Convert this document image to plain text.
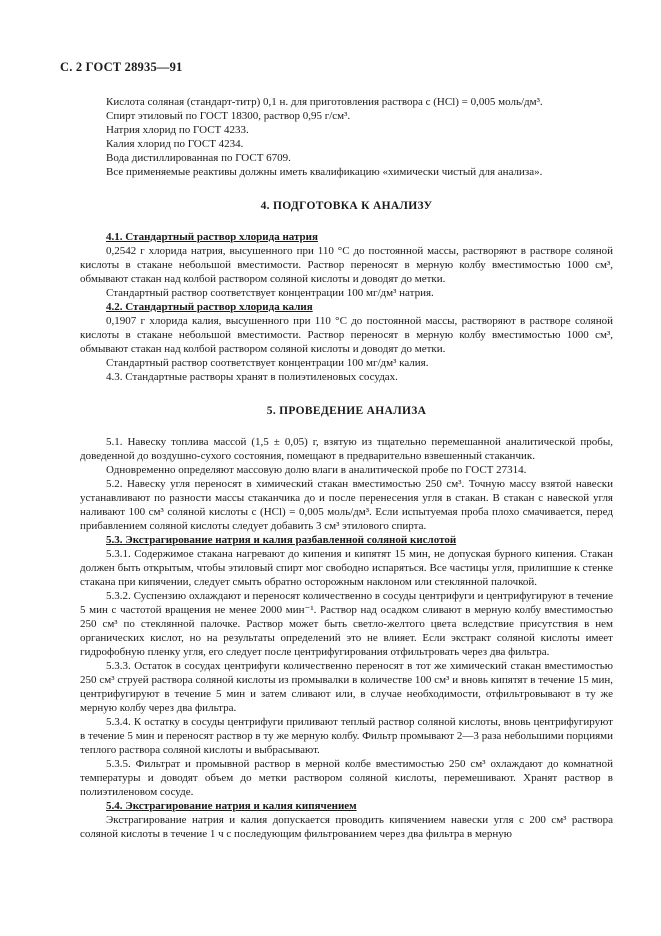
С. 2 ГОСТ 28935—91

Кислота соляная (стандарт-титр) 0,1 н. для приготовления раствора c (HCl) = 0,005 моль/дм³.

Спирт этиловый по ГОСТ 18300, раствор 0,95 г/см³.

Натрия хлорид по ГОСТ 4233.

Калия хлорид по ГОСТ 4234.

Вода дистиллированная по ГОСТ 6709.

Все применяемые реактивы должны иметь квалификацию «химически чистый для анализа».

4. ПОДГОТОВКА К АНАЛИЗУ

4.1. Стандартный раствор хлорида натрия

0,2542 г хлорида натрия, высушенного при 110 °С до постоянной массы, растворяют в растворе соляной кислоты в стакане небольшой вместимости. Раствор переносят в мерную колбу вместимостью 1000 см³, обмывают стакан над колбой раствором соляной кислоты и доводят до метки.

Стандартный раствор соответствует концентрации 100 мг/дм³ натрия.

4.2. Стандартный раствор хлорида калия

0,1907 г хлорида калия, высушенного при 110 °С до постоянной массы, растворяют в растворе соляной кислоты в стакане небольшой вместимости. Раствор переносят в мерную колбу вместимостью 1000 см³, обмывают стакан над колбой раствором соляной кислоты и доводят до метки.

Стандартный раствор соответствует концентрации 100 мг/дм³ калия.

4.3. Стандартные растворы хранят в полиэтиленовых сосудах.

5. ПРОВЕДЕНИЕ АНАЛИЗА

5.1. Навеску топлива массой (1,5 ± 0,05) г, взятую из тщательно перемешанной аналитической пробы, доведенной до воздушно-сухого состояния, помещают в предварительно взвешенный стаканчик.

Одновременно определяют массовую долю влаги в аналитической пробе по ГОСТ 27314.

5.2. Навеску угля переносят в химический стакан вместимостью 250 см³. Точную массу взятой навески устанавливают по разности массы стаканчика до и после перенесения угля в стакан. В стакан с навеской угля наливают 100 см³ соляной кислоты c (HCl) = 0,005 моль/дм³. Если испытуемая проба плохо смачивается, перед прибавлением соляной кислоты следует добавить 3 см³ этилового спирта.

5.3. Экстрагирование натрия и калия разбавленной соляной кислотой

5.3.1. Содержимое стакана нагревают до кипения и кипятят 15 мин, не допуская бурного кипения. Стакан должен быть открытым, чтобы этиловый спирт мог свободно испаряться. Все частицы угля, прилипшие к стенке стакана при кипячении, следует смыть обратно осторожным наклоном или стеклянной палочкой.

5.3.2. Суспензию охлаждают и переносят количественно в сосуды центрифуги и центрифугируют в течение 5 мин с частотой вращения не менее 2000 мин⁻¹. Раствор над осадком сливают в мерную колбу вместимостью 250 см³ по стеклянной палочке. Раствор может быть светло-желтого цвета вследствие присутствия в нем органических кислот, но на результаты определений это не влияет. Если экстракт соляной кислоты имеет гидрофобную пленку угля, его следует после центрифугирования отфильтровать через два фильтра.

5.3.3. Остаток в сосудах центрифуги количественно переносят в тот же химический стакан вместимостью 250 см³ струей раствора соляной кислоты из промывалки в количестве 100 см³ и вновь кипятят в течение 15 мин, центрифугируют в течение 5 мин и затем сливают или, в случае необходимости, отфильтровывают в ту же мерную колбу через два фильтра.

5.3.4. К остатку в сосуды центрифуги приливают теплый раствор соляной кислоты, вновь центрифугируют в течение 5 мин и переносят раствор в ту же мерную колбу. Фильтр промывают 2—3 раза небольшими порциями теплого раствора соляной кислоты и выбрасывают.

5.3.5. Фильтрат и промывной раствор в мерной колбе вместимостью 250 см³ охлаждают до комнатной температуры и доводят объем до метки раствором соляной кислоты, перемешивают. Хранят раствор в полиэтиленовом сосуде.

5.4. Экстрагирование натрия и калия кипячением

Экстрагирование натрия и калия допускается проводить кипячением навески угля с 200 см³ раствора соляной кислоты в течение 1 ч с последующим фильтрованием через два фильтра в мерную
